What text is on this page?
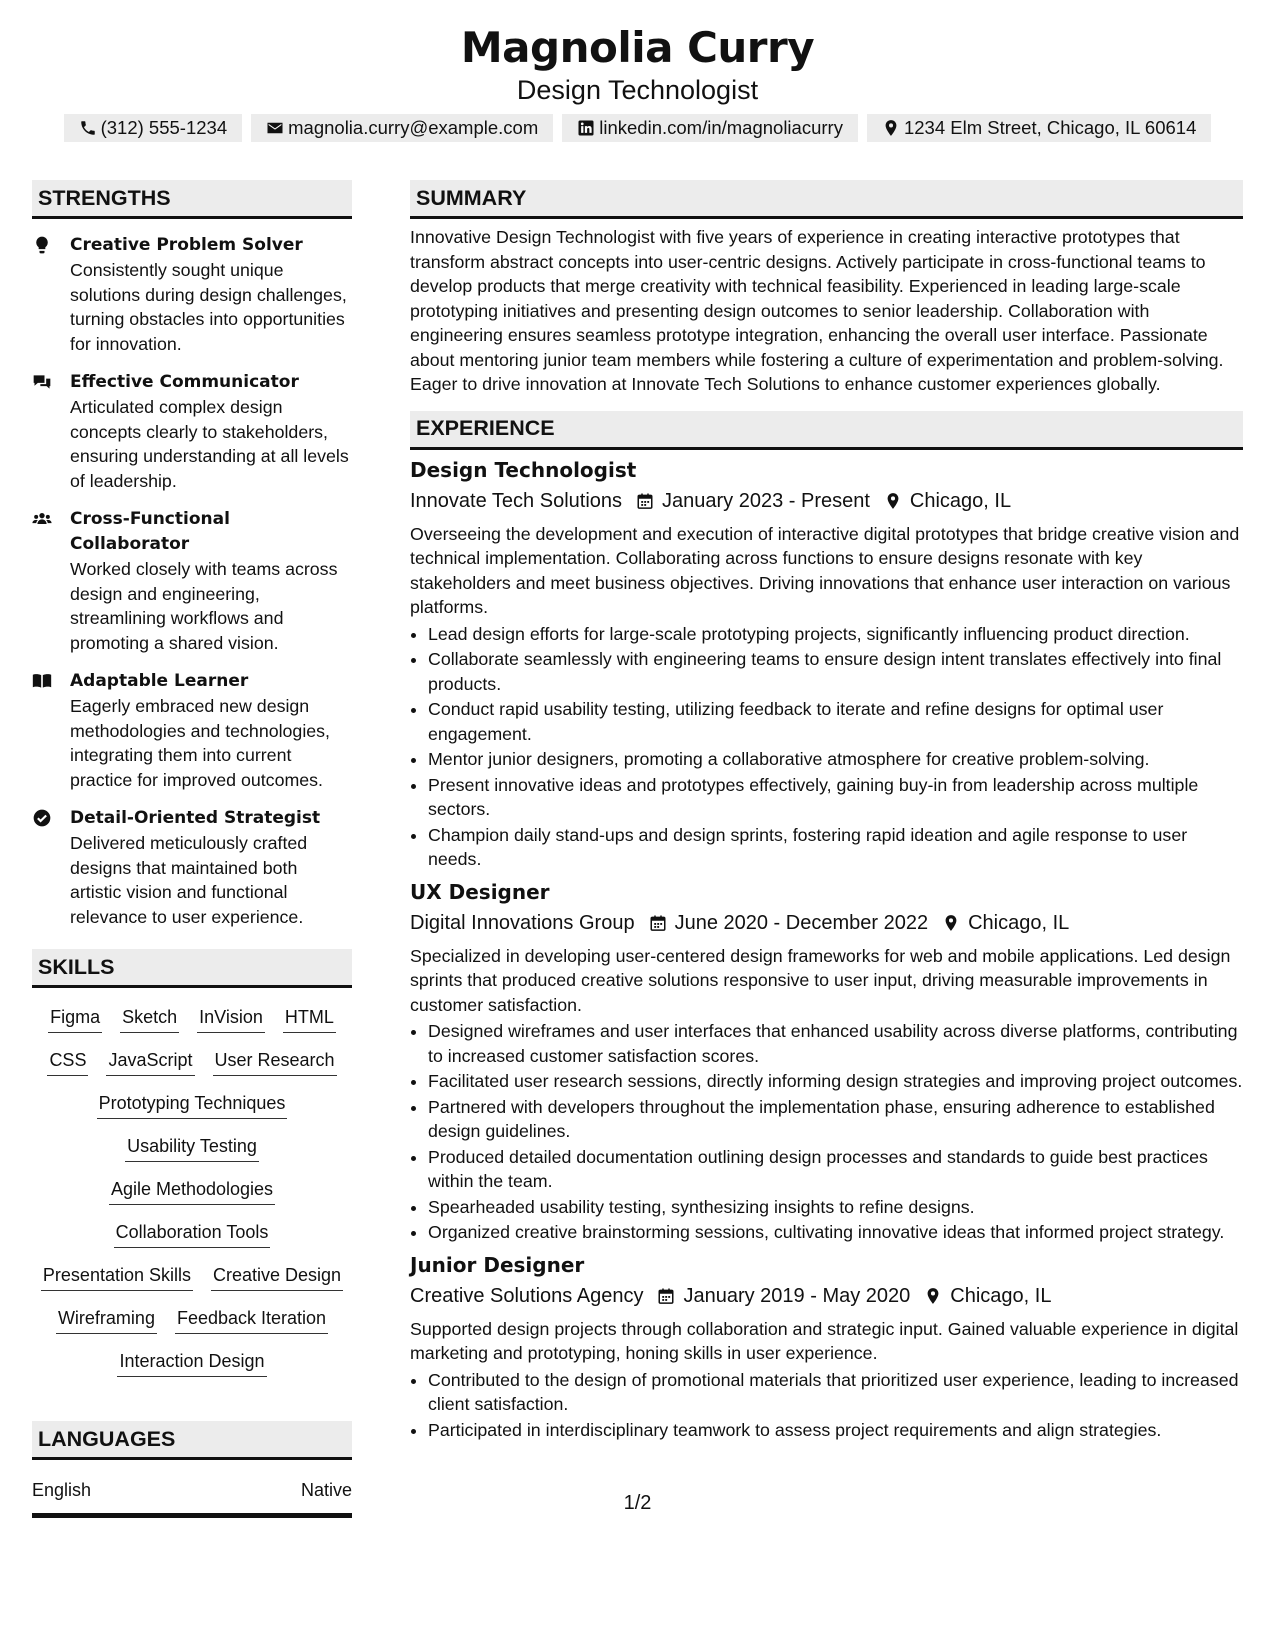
Magnolia Curry
Design Technologist
(312) 555-1234	magnolia.curry@example.com	linkedin.com/in/magnoliacurry	1234 Elm Street, Chicago, IL 60614
STRENGTHS
Creative Problem Solver
Consistently sought unique solutions during design challenges, turning obstacles into opportunities for innovation.
Effective Communicator
Articulated complex design concepts clearly to stakeholders, ensuring understanding at all levels of leadership.
Cross-Functional Collaborator
Worked closely with teams across design and engineering, streamlining workflows and promoting a shared vision.
Adaptable Learner
Eagerly embraced new design methodologies and technologies, integrating them into current practice for improved outcomes.
Detail-Oriented Strategist
Delivered meticulously crafted designs that maintained both artistic vision and functional relevance to user experience.
SKILLS
Figma Sketch InVision HTML
CSS JavaScript User Research
Prototyping Techniques
Usability Testing
Agile Methodologies
Collaboration Tools
Presentation Skills Creative Design
Wireframing Feedback Iteration
Interaction Design
LANGUAGES
English	Native
SUMMARY
Innovative Design Technologist with five years of experience in creating interactive prototypes that transform abstract concepts into user-centric designs. Actively participate in cross-functional teams to develop products that merge creativity with technical feasibility. Experienced in leading large-scale prototyping initiatives and presenting design outcomes to senior leadership. Collaboration with engineering ensures seamless prototype integration, enhancing the overall user interface. Passionate about mentoring junior team members while fostering a culture of experimentation and problem-solving. Eager to drive innovation at Innovate Tech Solutions to enhance customer experiences globally.
EXPERIENCE
Design Technologist
Innovate Tech Solutions January 2023 - Present Chicago, IL
Overseeing the development and execution of interactive digital prototypes that bridge creative vision and technical implementation. Collaborating across functions to ensure designs resonate with key stakeholders and meet business objectives. Driving innovations that enhance user interaction on various platforms.
• Lead design efforts for large-scale prototyping projects, significantly influencing product direction.
• Collaborate seamlessly with engineering teams to ensure design intent translates effectively into final products.
• Conduct rapid usability testing, utilizing feedback to iterate and refine designs for optimal user engagement.
• Mentor junior designers, promoting a collaborative atmosphere for creative problem-solving.
• Present innovative ideas and prototypes effectively, gaining buy-in from leadership across multiple sectors.
• Champion daily stand-ups and design sprints, fostering rapid ideation and agile response to user needs.
UX Designer
Digital Innovations Group June 2020 - December 2022 Chicago, IL
Specialized in developing user-centered design frameworks for web and mobile applications. Led design sprints that produced creative solutions responsive to user input, driving measurable improvements in customer satisfaction.
• Designed wireframes and user interfaces that enhanced usability across diverse platforms, contributing to increased customer satisfaction scores.
• Facilitated user research sessions, directly informing design strategies and improving project outcomes.
• Partnered with developers throughout the implementation phase, ensuring adherence to established design guidelines.
• Produced detailed documentation outlining design processes and standards to guide best practices within the team.
• Spearheaded usability testing, synthesizing insights to refine designs.
• Organized creative brainstorming sessions, cultivating innovative ideas that informed project strategy.
Junior Designer
Creative Solutions Agency January 2019 - May 2020 Chicago, IL
Supported design projects through collaboration and strategic input. Gained valuable experience in digital marketing and prototyping, honing skills in user experience.
• Contributed to the design of promotional materials that prioritized user experience, leading to increased client satisfaction.
• Participated in interdisciplinary teamwork to assess project requirements and align strategies.
1/2
